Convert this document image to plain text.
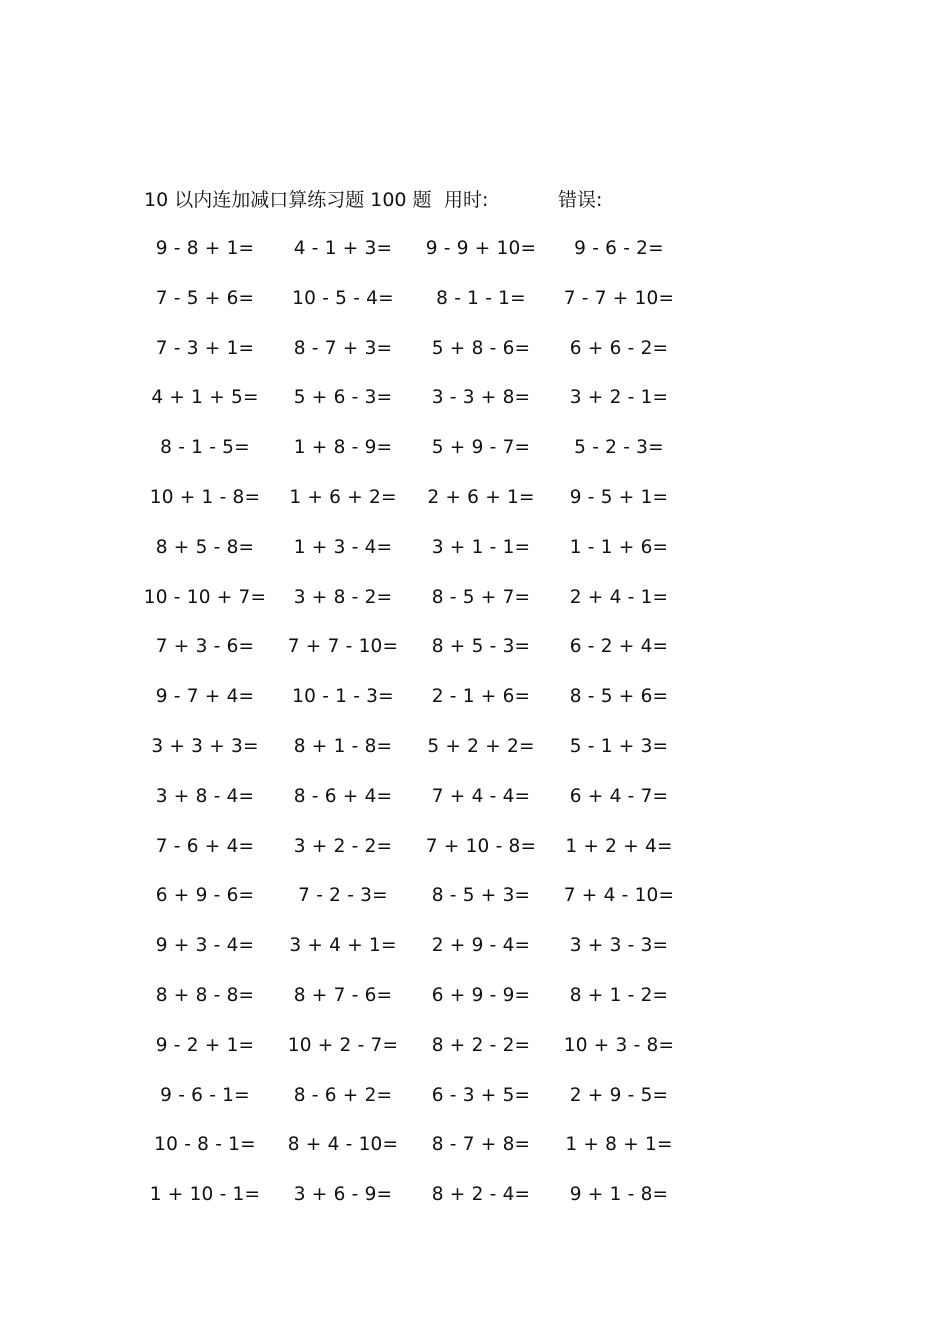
10 以内连加减口算练习题 100 题 用时:	错误:
9 - 8 + 1=	4 - 1 + 3=	9 - 9 + 10=	9 - 6 - 2=
7 - 5 + 6=	10 - 5 - 4=	8 - 1 - 1=	7 - 7 + 10=
7 - 3 + 1=	8 - 7 + 3=	5 + 8 - 6=	6 + 6 - 2=
4 + 1 + 5=	5 + 6 - 3=	3 - 3 + 8=	3 + 2 - 1=
8 - 1 - 5=	1 + 8 - 9=	5 + 9 - 7=	5 - 2 - 3=
10 + 1 - 8=	1 + 6 + 2=	2 + 6 + 1=	9 - 5 + 1=
8 + 5 - 8=	1 + 3 - 4=	3 + 1 - 1=	1 - 1 + 6=
10 - 10 + 7=	3 + 8 - 2=	8 - 5 + 7=	2 + 4 - 1=
7 + 3 - 6=	7 + 7 - 10=	8 + 5 - 3=	6 - 2 + 4=
9 - 7 + 4=	10 - 1 - 3=	2 - 1 + 6=	8 - 5 + 6=
3 + 3 + 3=	8 + 1 - 8=	5 + 2 + 2=	5 - 1 + 3=
3 + 8 - 4=	8 - 6 + 4=	7 + 4 - 4=	6 + 4 - 7=
7 - 6 + 4=	3 + 2 - 2=	7 + 10 - 8=	1 + 2 + 4=
6 + 9 - 6=	7 - 2 - 3=	8 - 5 + 3=	7 + 4 - 10=
9 + 3 - 4=	3 + 4 + 1=	2 + 9 - 4=	3 + 3 - 3=
8 + 8 - 8=	8 + 7 - 6=	6 + 9 - 9=	8 + 1 - 2=
9 - 2 + 1=	10 + 2 - 7=	8 + 2 - 2=	10 + 3 - 8=
9 - 6 - 1=	8 - 6 + 2=	6 - 3 + 5=	2 + 9 - 5=
10 - 8 - 1=	8 + 4 - 10=	8 - 7 + 8=	1 + 8 + 1=
1 + 10 - 1=	3 + 6 - 9=	8 + 2 - 4=	9 + 1 - 8=
